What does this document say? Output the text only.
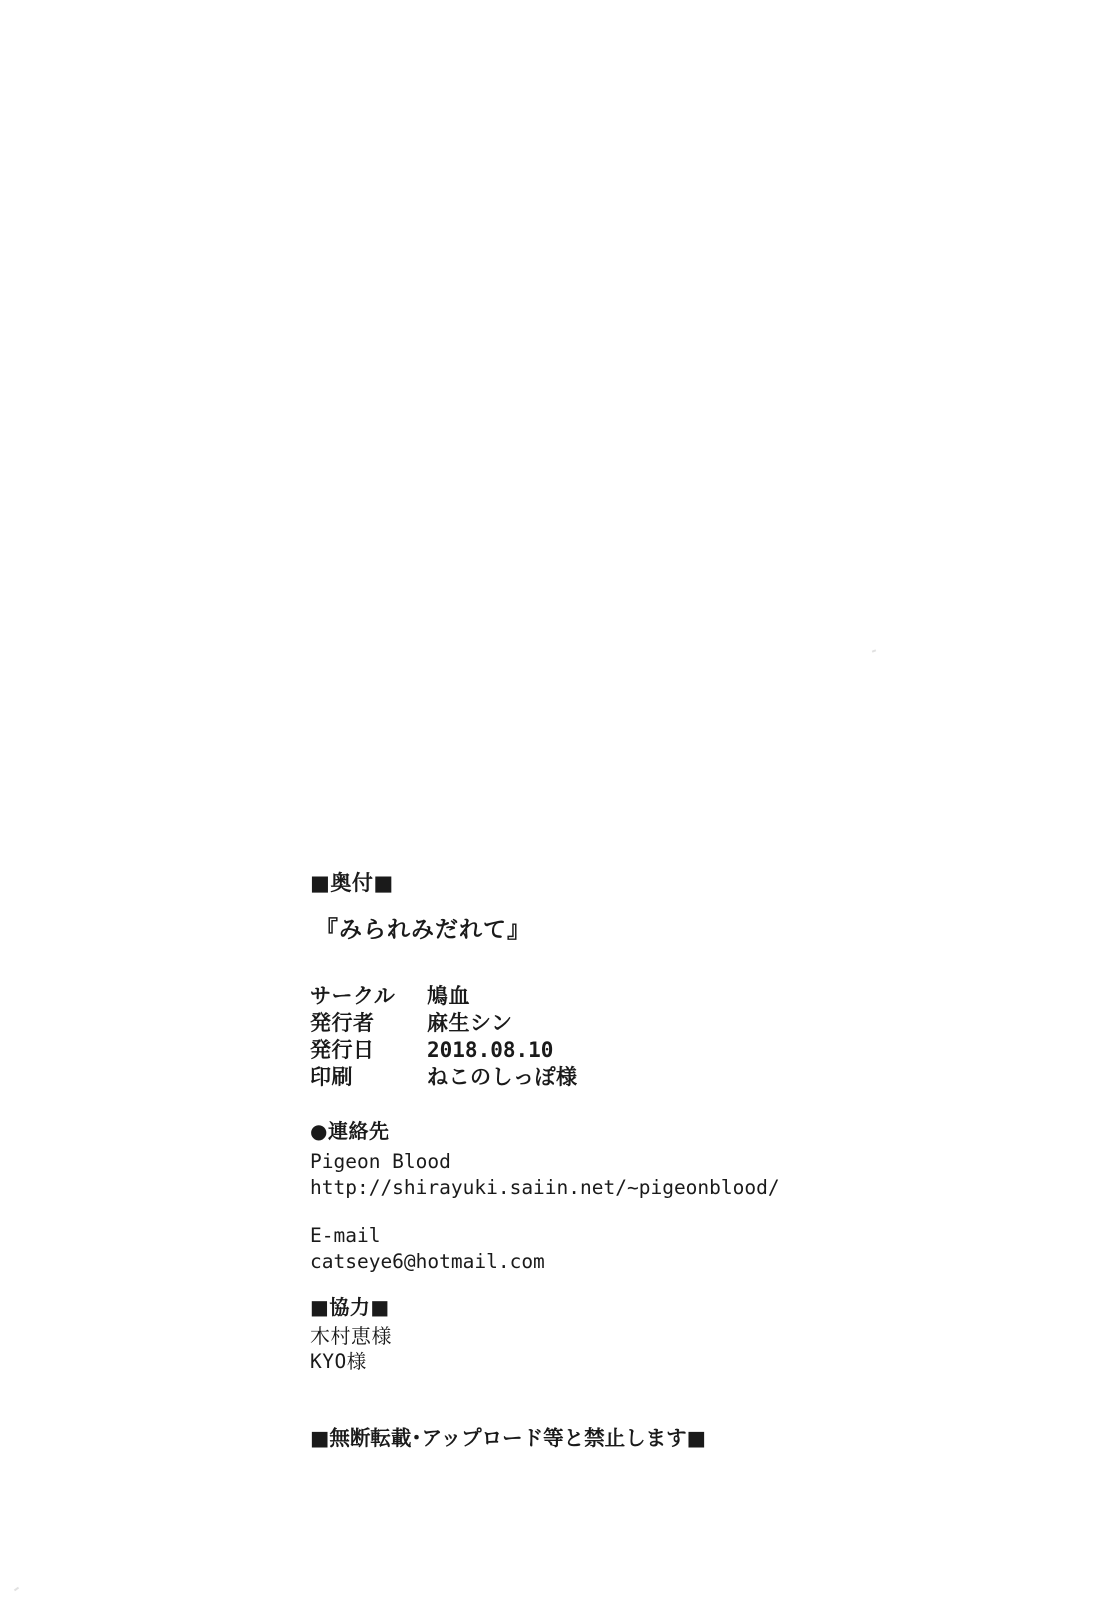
■奥付■
『みられみだれて』
サークル	鳩血
発行者	麻生シン
発行日	2018.08.10
印刷	ねこのしっぽ様
●連絡先
Pigeon Blood
http://shirayuki.saiin.net/~pigeonblood/
E-mail
catseye6@hotmail.com
■協力■
木村恵様
KYO様
■無断転載･アップロード等と禁止します■
